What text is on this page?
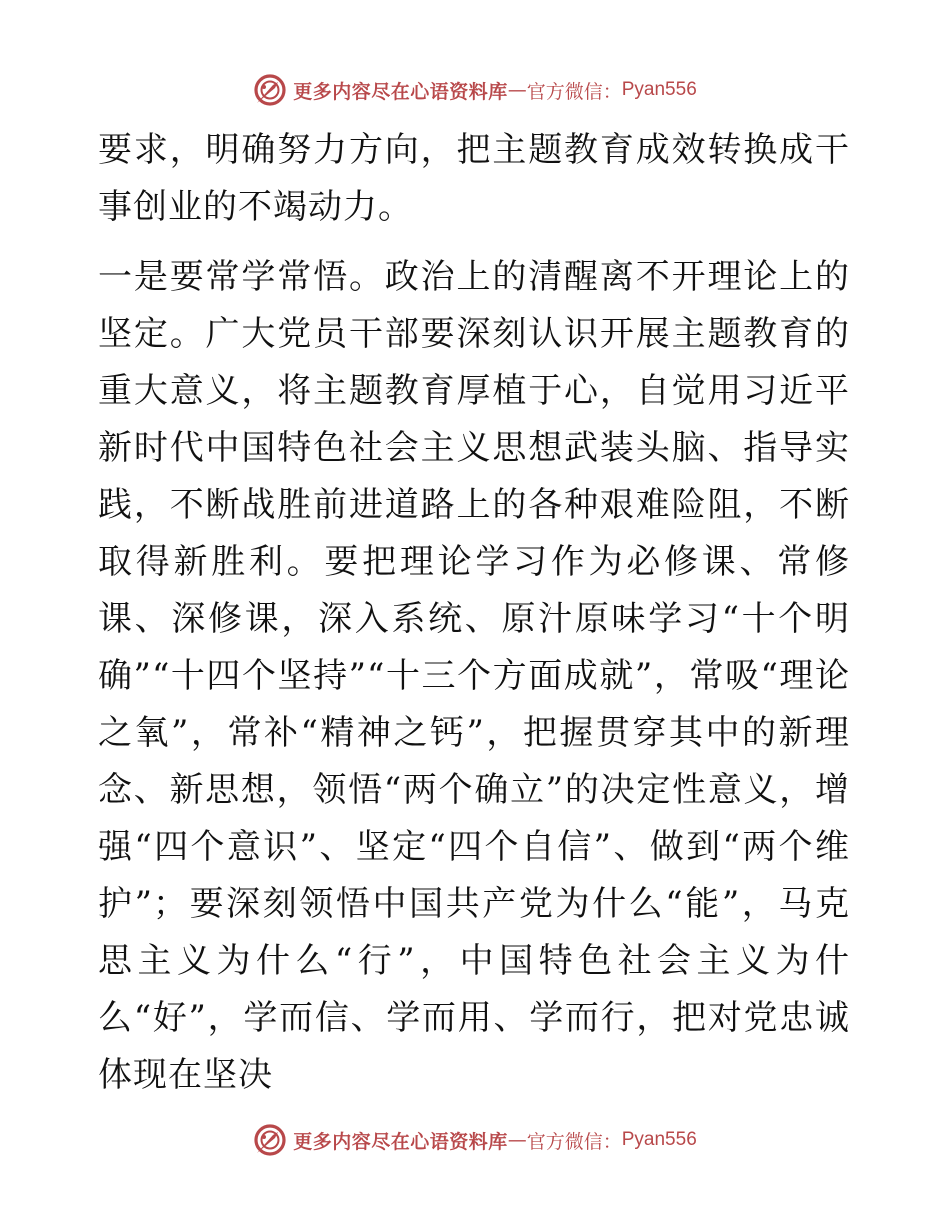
更多内容尽在心语资料库 — 官方微信： Pyan556

要求，明确努力方向，把主题教育成效转换成干事创业的不竭动力。

一是要常学常悟。政治上的清醒离不开理论上的坚定。广大党员干部要深刻认识开展主题教育的重大意义，将主题教育厚植于心，自觉用习近平新时代中国特色社会主义思想武装头脑、指导实践，不断战胜前进道路上的各种艰难险阻，不断取得新胜利。要把理论学习作为必修课、常修课、深修课，深入系统、原汁原味学习“十个明确”“十四个坚持”“十三个方面成就”，常吸“理论之氧”，常补“精神之钙”，把握贯穿其中的新理念、新思想，领悟“两个确立”的决定性意义，增强“四个意识”、坚定“四个自信”、做到“两个维护”；要深刻领悟中国共产党为什么“能”，马克思主义为什么“行”，中国特色社会主义为什么“好”，学而信、学而用、学而行，把对党忠诚体现在坚决

更多内容尽在心语资料库 — 官方微信： Pyan556
